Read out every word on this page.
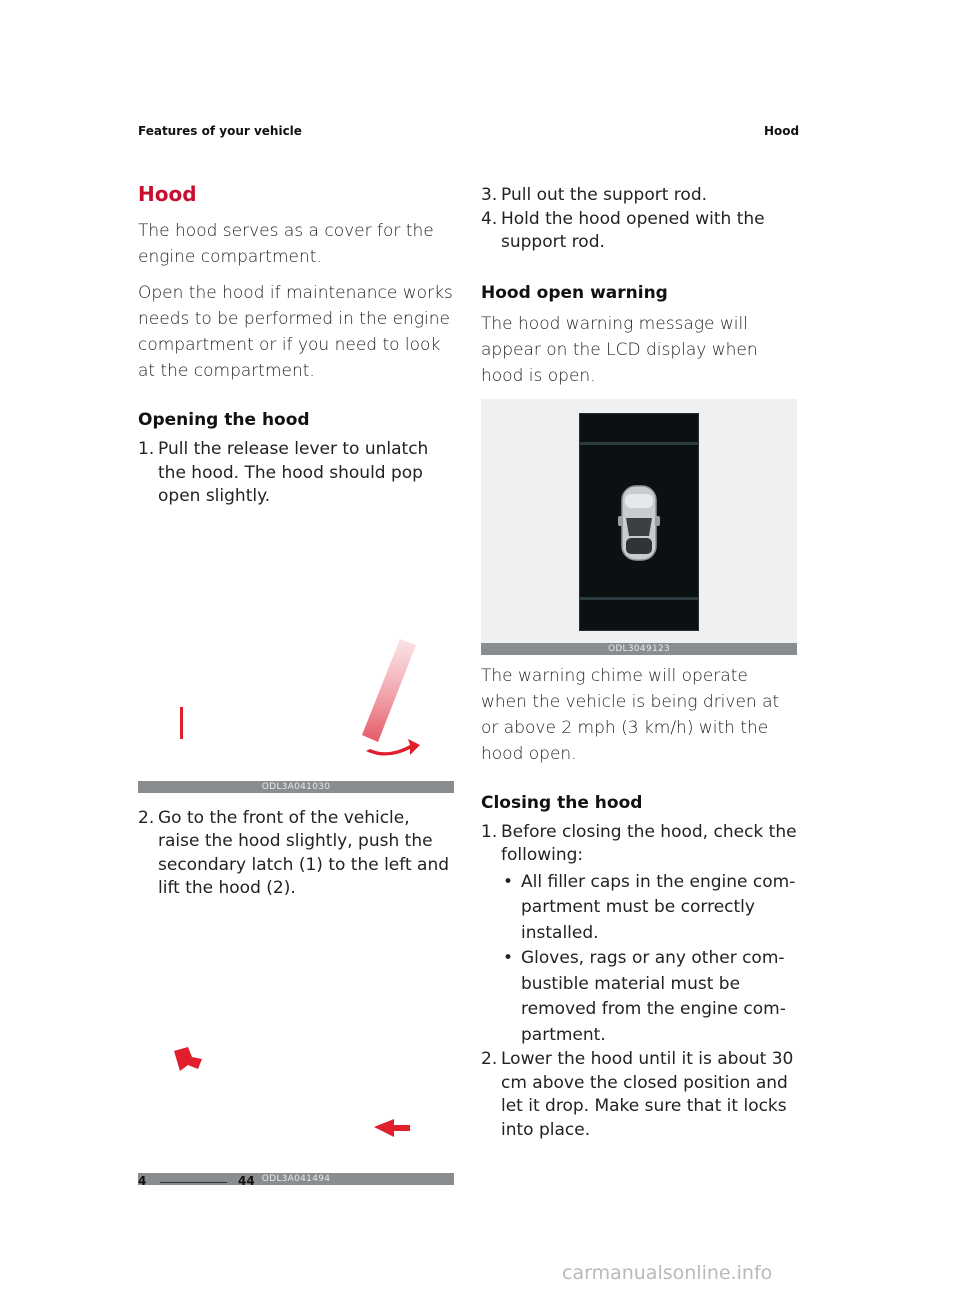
Features of your vehicle	Hood
Hood

The hood serves as a cover for the engine compartment.

Open the hood if maintenance works needs to be performed in the engine compartment or if you need to look at the compartment.

Opening the hood
1. Pull the release lever to unlatch the hood. The hood should pop open slightly.
ODL3A041030
2. Go to the front of the vehicle, raise the hood slightly, push the secondary latch (1) to the left and lift the hood (2).
ODL3A041494
3. Pull out the support rod.
4. Hold the hood opened with the support rod.
Hood open warning

The hood warning message will appear on the LCD display when hood is open.

ODL3049123

The warning chime will operate when the vehicle is being driven at or above 2 mph (3 km/h) with the hood open.

Closing the hood
1. Before closing the hood, check the following:
• All filler caps in the engine com-partment must be correctly installed.
• Gloves, rags or any other com-bustible material must be removed from the engine com-partment.
2. Lower the hood until it is about 30 cm above the closed position and let it drop. Make sure that it locks into place.
4	44
carmanualsonline.info
